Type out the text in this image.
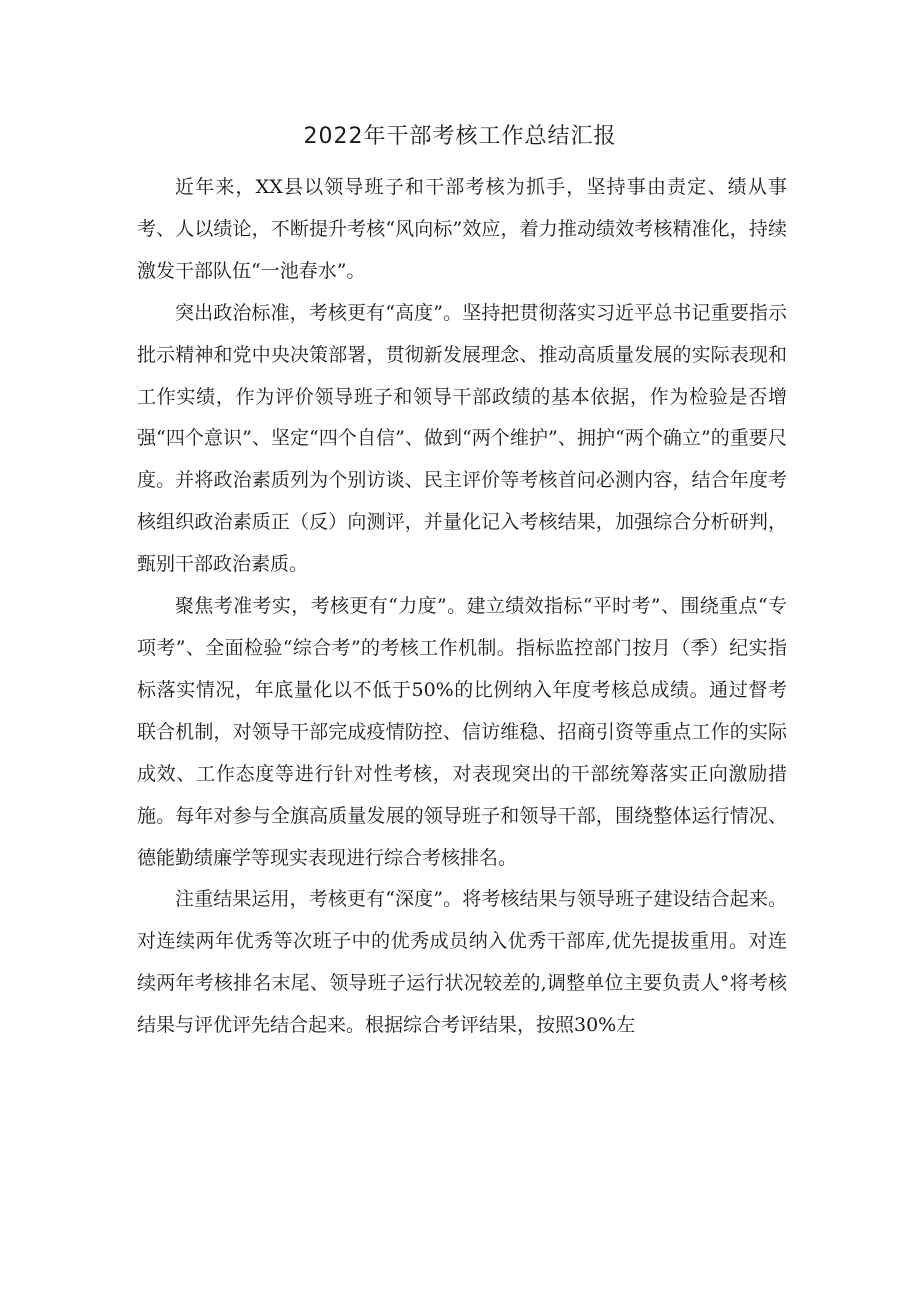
2022年干部考核工作总结汇报

近年来，XX县以领导班子和干部考核为抓手，坚持事由责定、绩从事考、人以绩论，不断提升考核“风向标”效应，着力推动绩效考核精准化，持续激发干部队伍“一池春水”。

突出政治标准，考核更有“高度”。坚持把贯彻落实习近平总书记重要指示批示精神和党中央决策部署，贯彻新发展理念、推动高质量发展的实际表现和工作实绩，作为评价领导班子和领导干部政绩的基本依据，作为检验是否增强“四个意识”、坚定“四个自信”、做到“两个维护”、拥护“两个确立”的重要尺度。并将政治素质列为个别访谈、民主评价等考核首问必测内容，结合年度考核组织政治素质正（反）向测评，并量化记入考核结果，加强综合分析研判，甄别干部政治素质。

聚焦考准考实，考核更有“力度”。建立绩效指标“平时考”、围绕重点“专项考”、全面检验“综合考”的考核工作机制。指标监控部门按月（季）纪实指标落实情况，年底量化以不低于50%的比例纳入年度考核总成绩。通过督考联合机制，对领导干部完成疫情防控、信访维稳、招商引资等重点工作的实际成效、工作态度等进行针对性考核，对表现突出的干部统筹落实正向激励措施。每年对参与全旗高质量发展的领导班子和领导干部，围绕整体运行情况、德能勤绩廉学等现实表现进行综合考核排名。

注重结果运用，考核更有“深度”。将考核结果与领导班子建设结合起来。对连续两年优秀等次班子中的优秀成员纳入优秀干部库,优先提拔重用。对连续两年考核排名末尾、领导班子运行状况较差的,调整单位主要负责人°将考核结果与评优评先结合起来。根据综合考评结果，按照30%左
